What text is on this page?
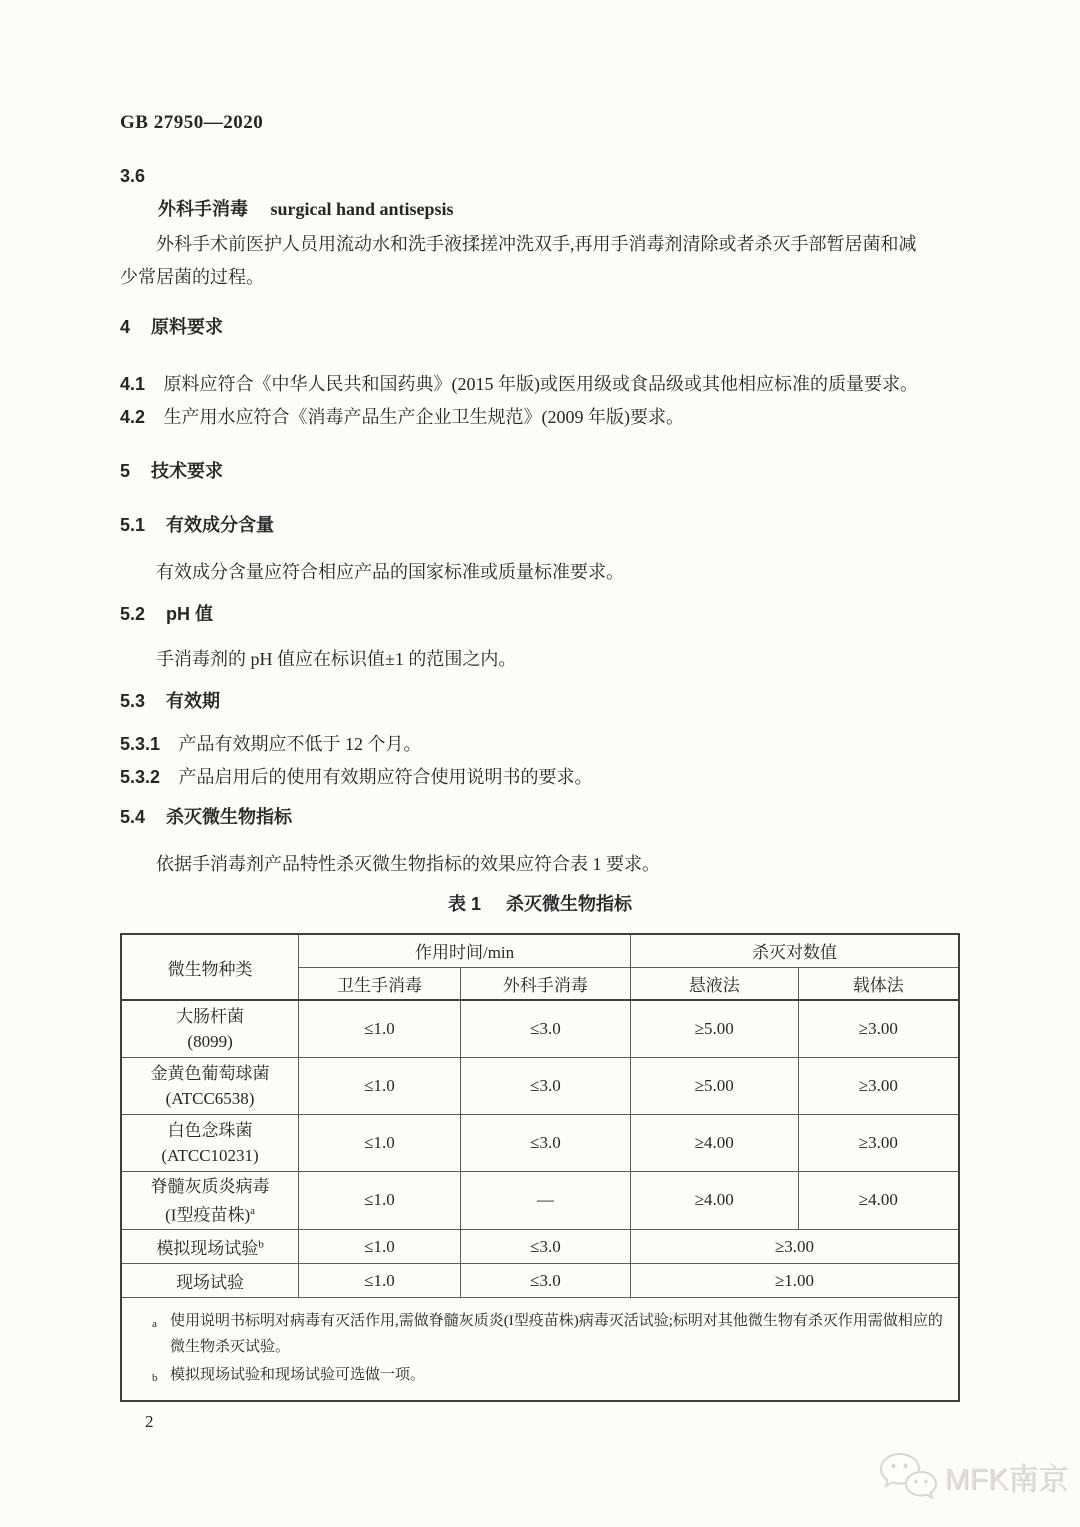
GB 27950—2020
3.6
外科手消毒 surgical hand antisepsis

外科手术前医护人员用流动水和洗手液揉搓冲洗双手,再用手消毒剂清除或者杀灭手部暂居菌和减少常居菌的过程。

4 原料要求
4.1 原料应符合《中华人民共和国药典》(2015 年版)或医用级或食品级或其他相应标准的质量要求。
4.2 生产用水应符合《消毒产品生产企业卫生规范》(2009 年版)要求。
5 技术要求
5.1 有效成分含量

有效成分含量应符合相应产品的国家标准或质量标准要求。

5.2 pH 值

手消毒剂的 pH 值应在标识值±1 的范围之内。

5.3 有效期
5.3.1 产品有效期应不低于 12 个月。
5.3.2 产品启用后的使用有效期应符合使用说明书的要求。
5.4 杀灭微生物指标

依据手消毒剂产品特性杀灭微生物指标的效果应符合表 1 要求。

表 1 杀灭微生物指标
微生物种类	作用时间/min		杀灭对数值	
	卫生手消毒	外科手消毒	悬液法	载体法

大肠杆菌
(8099)	≤1.0	≤3.0	≥5.00	≥3.00

金黄色葡萄球菌
(ATCC6538)	≤1.0	≤3.0	≥5.00	≥3.00

白色念珠菌
(ATCC10231)	≤1.0	≤3.0	≥4.00	≥3.00

脊髓灰质炎病毒
(I型疫苗株)$^a$	≤1.0	—	≥4.00	≥4.00
模拟现场试验$^b$	≤1.0	≤3.0	≥3.00	
现场试验	≤1.0	≤3.0	≥1.00	

a 使用说明书标明对病毒有灭活作用,需做脊髓灰质炎(I型疫苗株)病毒灭活试验;标明对其他微生物有杀灭作用需做相应的微生物杀灭试验。
b 模拟现场试验和现场试验可选做一项。				
2
MFK南京
